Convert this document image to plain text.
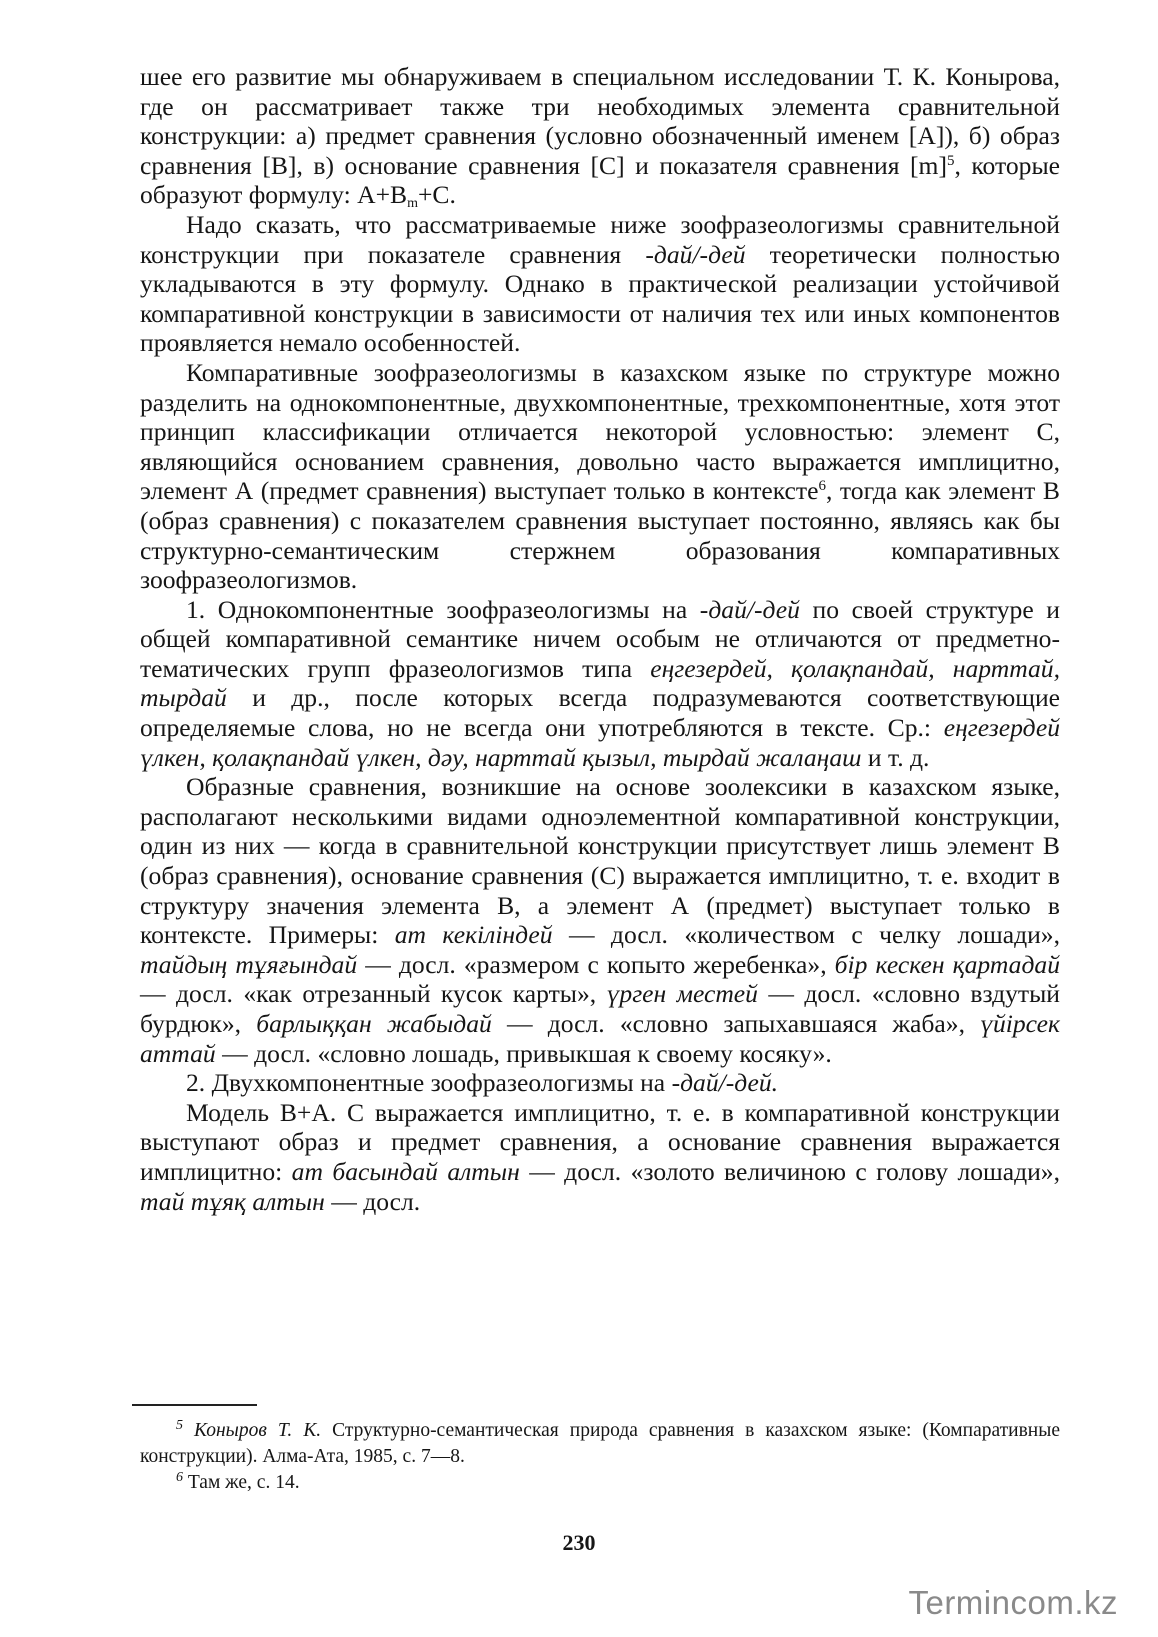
шее его развитие мы обнаруживаем в специальном исследовании Т. К. Конырова, где он рассматривает также три необходимых элемента сравнительной конструкции: а) предмет сравнения (условно обозначенный именем [А]), б) образ сравнения [В], в) основание сравнения [С] и показателя сравнения $[m]^5$, которые образуют формулу: $А+В_m+С$.

Надо сказать, что рассматриваемые ниже зоофразеологизмы сравнительной конструкции при показателе сравнения -дай/-дей теоретически полностью укладываются в эту формулу. Однако в практической реализации устойчивой компаративной конструкции в зависимости от наличия тех или иных компонентов проявляется немало особенностей.

Компаративные зоофразеологизмы в казахском языке по структуре можно разделить на однокомпонентные, двухкомпонентные, трехкомпонентные, хотя этот принцип классификации отличается некоторой условностью: элемент С, являющийся основанием сравнения, довольно часто выражается имплицитно, элемент А (предмет сравнения) выступает только в контексте$^6$, тогда как элемент В (образ сравнения) с показателем сравнения выступает постоянно, являясь как бы структурно-семантическим стержнем образования компаративных зоофразеологизмов.

1. Однокомпонентные зоофразеологизмы на -дай/-дей по своей структуре и общей компаративной семантике ничем особым не отличаются от предметно-тематических групп фразеологизмов типа еңгезердей, қолақпандай, нарттай, тырдай и др., после которых всегда подразумеваются соответствующие определяемые слова, но не всегда они употребляются в тексте. Ср.: еңгезердей үлкен, қолақпандай үлкен, дәу, нарттай қызыл, тырдай жалаңаш и т. д.

Образные сравнения, возникшие на основе зоолексики в казахском языке, располагают несколькими видами одноэлементной компаративной конструкции, один из них — когда в сравнительной конструкции присутствует лишь элемент В (образ сравнения), основание сравнения (С) выражается имплицитно, т. е. входит в структуру значения элемента В, а элемент А (предмет) выступает только в контексте. Примеры: ат кекіліндей — досл. «количеством с челку лошади», тайдың тұяғындай — досл. «размером с копыто жеребенка», бір кескен қартадай — досл. «как отрезанный кусок карты», үрген местей — досл. «словно вздутый бурдюк», барлыққан жабыдай — досл. «словно запыхавшаяся жаба», үйірсек аттай — досл. «словно лошадь, привыкшая к своему косяку».

2. Двухкомпонентные зоофразеологизмы на -дай/-дей.

Модель В+А. С выражается имплицитно, т. е. в компаративной конструкции выступают образ и предмет сравнения, а основание сравнения выражается имплицитно: ат басындай алтын — досл. «золото величиною с голову лошади», тай тұяқ алтын — досл.

$^5$ Коныров Т. К. Структурно-семантическая природа сравнения в казахском языке: (Компаративные конструкции). Алма-Ата, 1985, с. 7—8.

$^6$ Там же, с. 14.

230
Termincom.kz
